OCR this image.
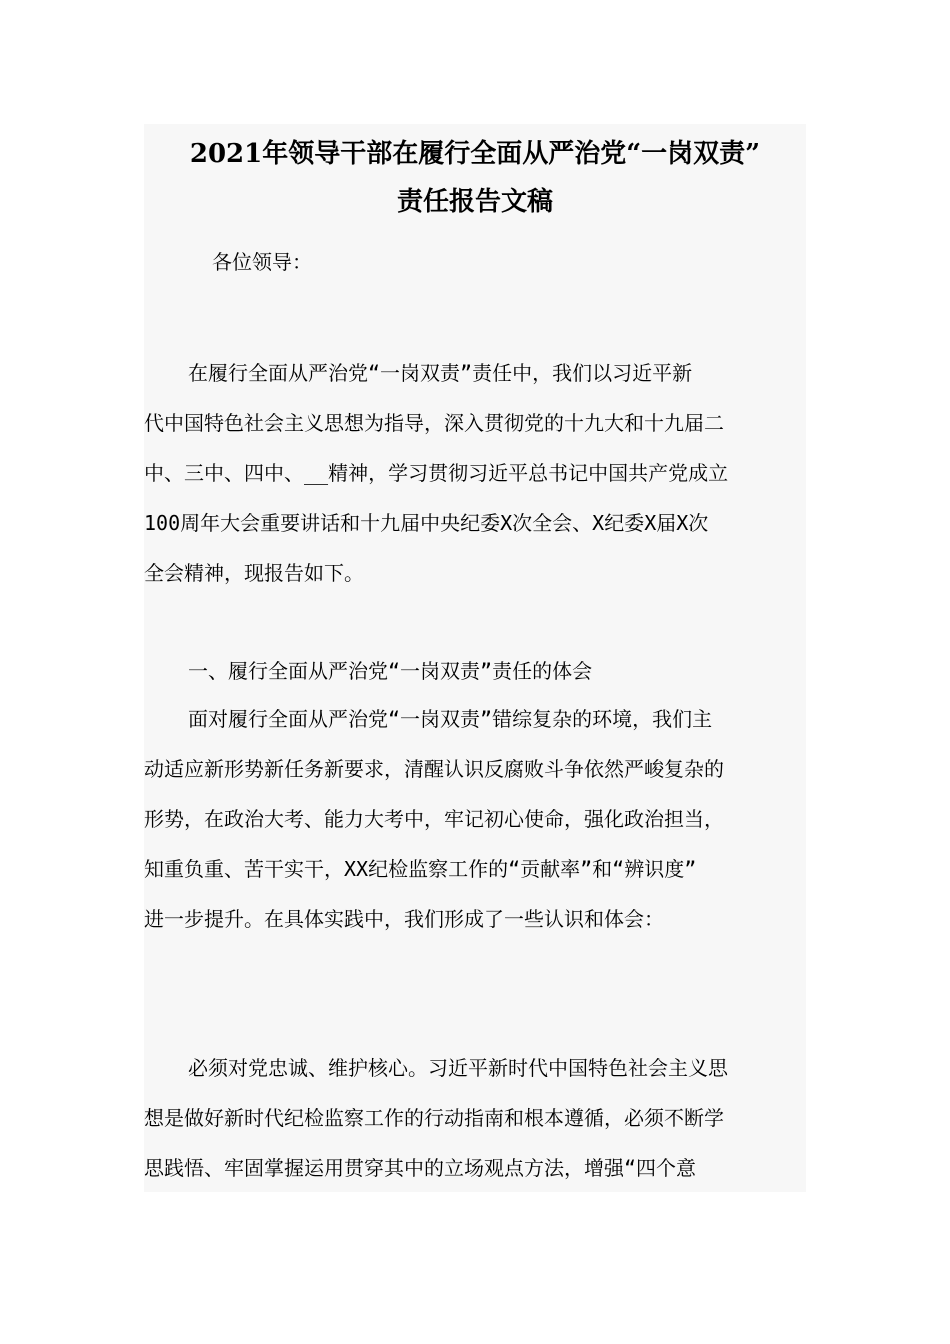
2021年领导干部在履行全面从严治党“一岗双责”
责任报告文稿

各位领导：

在履行全面从严治党“一岗双责”责任中，我们以习近平新
代中国特色社会主义思想为指导，深入贯彻党的十九大和十九届二
中、三中、四中、__精神，学习贯彻习近平总书记中国共产党成立
100周年大会重要讲话和十九届中央纪委X次全会、X纪委X届X次
全会精神，现报告如下。
一、履行全面从严治党“一岗双责”责任的体会
面对履行全面从严治党“一岗双责”错综复杂的环境，我们主
动适应新形势新任务新要求，清醒认识反腐败斗争依然严峻复杂的
形势，在政治大考、能力大考中，牢记初心使命，强化政治担当，
知重负重、苦干实干，XX纪检监察工作的“贡献率”和“辨识度”
进一步提升。在具体实践中，我们形成了一些认识和体会：
必须对党忠诚、维护核心。习近平新时代中国特色社会主义思
想是做好新时代纪检监察工作的行动指南和根本遵循，必须不断学
思践悟、牢固掌握运用贯穿其中的立场观点方法，增强“四个意
